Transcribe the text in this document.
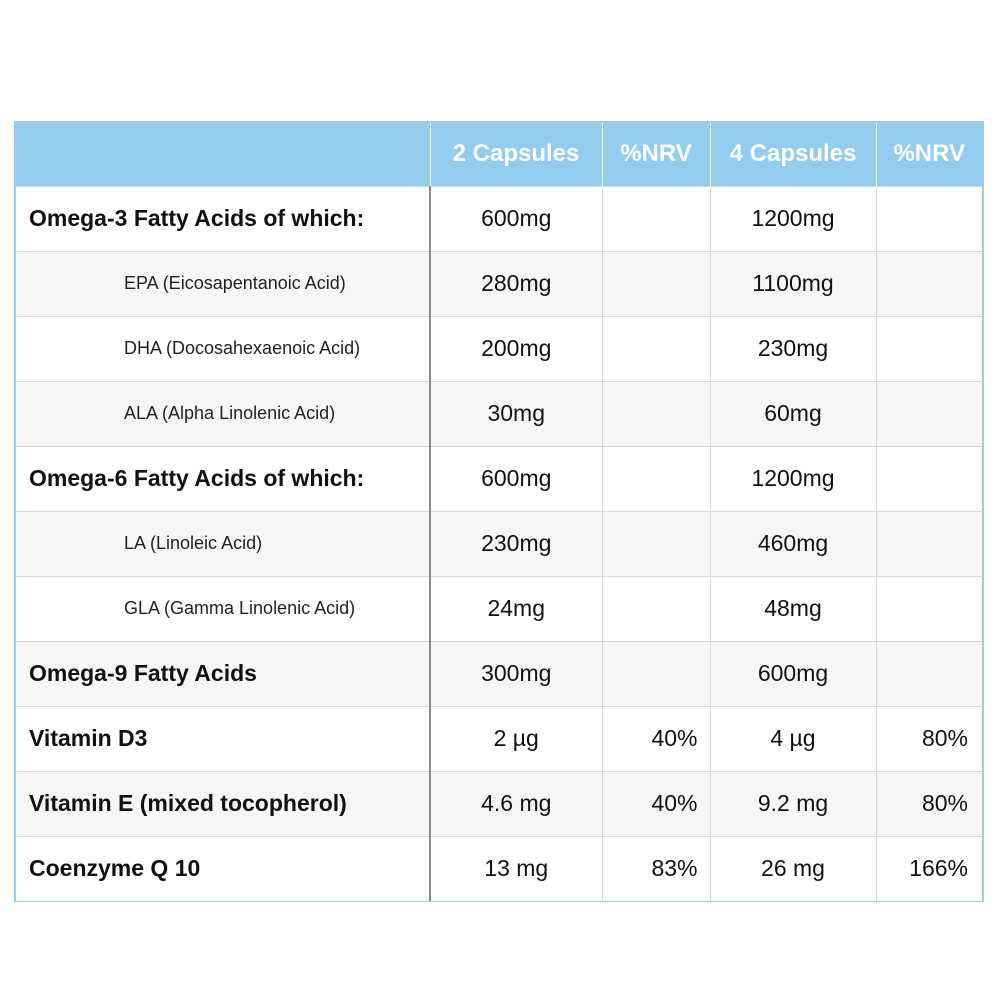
	2 Capsules	%NRV	4 Capsules	%NRV
Omega-3 Fatty Acids of which:	600mg		1200mg	
EPA (Eicosapentanoic Acid)	280mg		1100mg	
DHA (Docosahexaenoic Acid)	200mg		230mg	
ALA (Alpha Linolenic Acid)	30mg		60mg	
Omega-6 Fatty Acids of which:	600mg		1200mg	
LA (Linoleic Acid)	230mg		460mg	
GLA (Gamma Linolenic Acid)	24mg		48mg	
Omega-9 Fatty Acids	300mg		600mg	
Vitamin D3	2 µg	40%	4 µg	80%
Vitamin E (mixed tocopherol)	4.6 mg	40%	9.2 mg	80%
Coenzyme Q 10	13 mg	83%	26 mg	166%
